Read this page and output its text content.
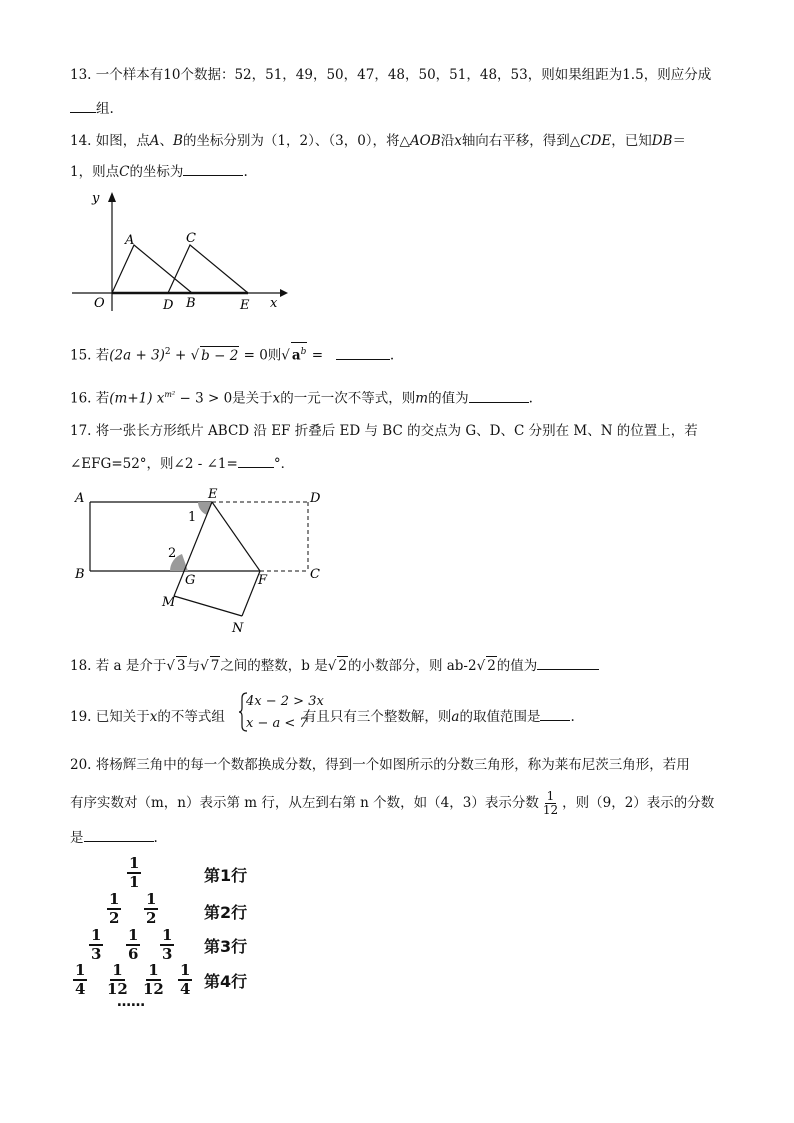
13. 一个样本有10个数据：52，51，49，50，47，48，50，51，48，53，则如果组距为1.5，则应分成
组.
14. 如图，点A、B的坐标分别为（1，2）、（3，0），将△AOB沿x轴向右平移，得到△CDE，已知DB＝
1，则点C的坐标为	.
y
x
O
A	C
D B	E
15. 若$(2a + 3)^2$ + √ b − 2 = 0则√ $a^b$ =	.
16. 若(m+1) $x^{m^2} - 3 > 0$是关于x的一元一次不等式，则m的值为	.
17. 将一张长方形纸片 ABCD 沿 EF 折叠后 ED 与 BC 的交点为 G、D、C 分别在 M、N 的位置上，若
∠EFG=52°，则∠2 - ∠1=	°．
A	E	D
B	G	F	C
M
N
1
2
18. 若 a 是介于√ 3与√ 7之间的整数，b 是√ 2的小数部分，则 ab-2√ 2的值为
19. 已知关于x的不等式组	有且只有三个整数解，则a的取值范围是 .
4x − 2 > 3x
x − a < 7
20. 将杨辉三角中的每一个数都换成分数，得到一个如图所示的分数三角形，称为莱布尼茨三角形，若用
有序实数对（m，n）表示第 m 行，从左到右第 n 个数，如（4，3）表示分数 $\frac{1}{12}$ ，则（9，2）表示的分数
是	.
$\frac{1}{1}$	第1行
$\frac{1}{2} \frac{1}{2}$	第2行
$\frac{1}{3} \frac{1}{6} \frac{1}{3}$ 第3行
$\frac{1}{4} \frac{1}{12} \frac{1}{12} \frac{1}{4}$ 第4行
……
